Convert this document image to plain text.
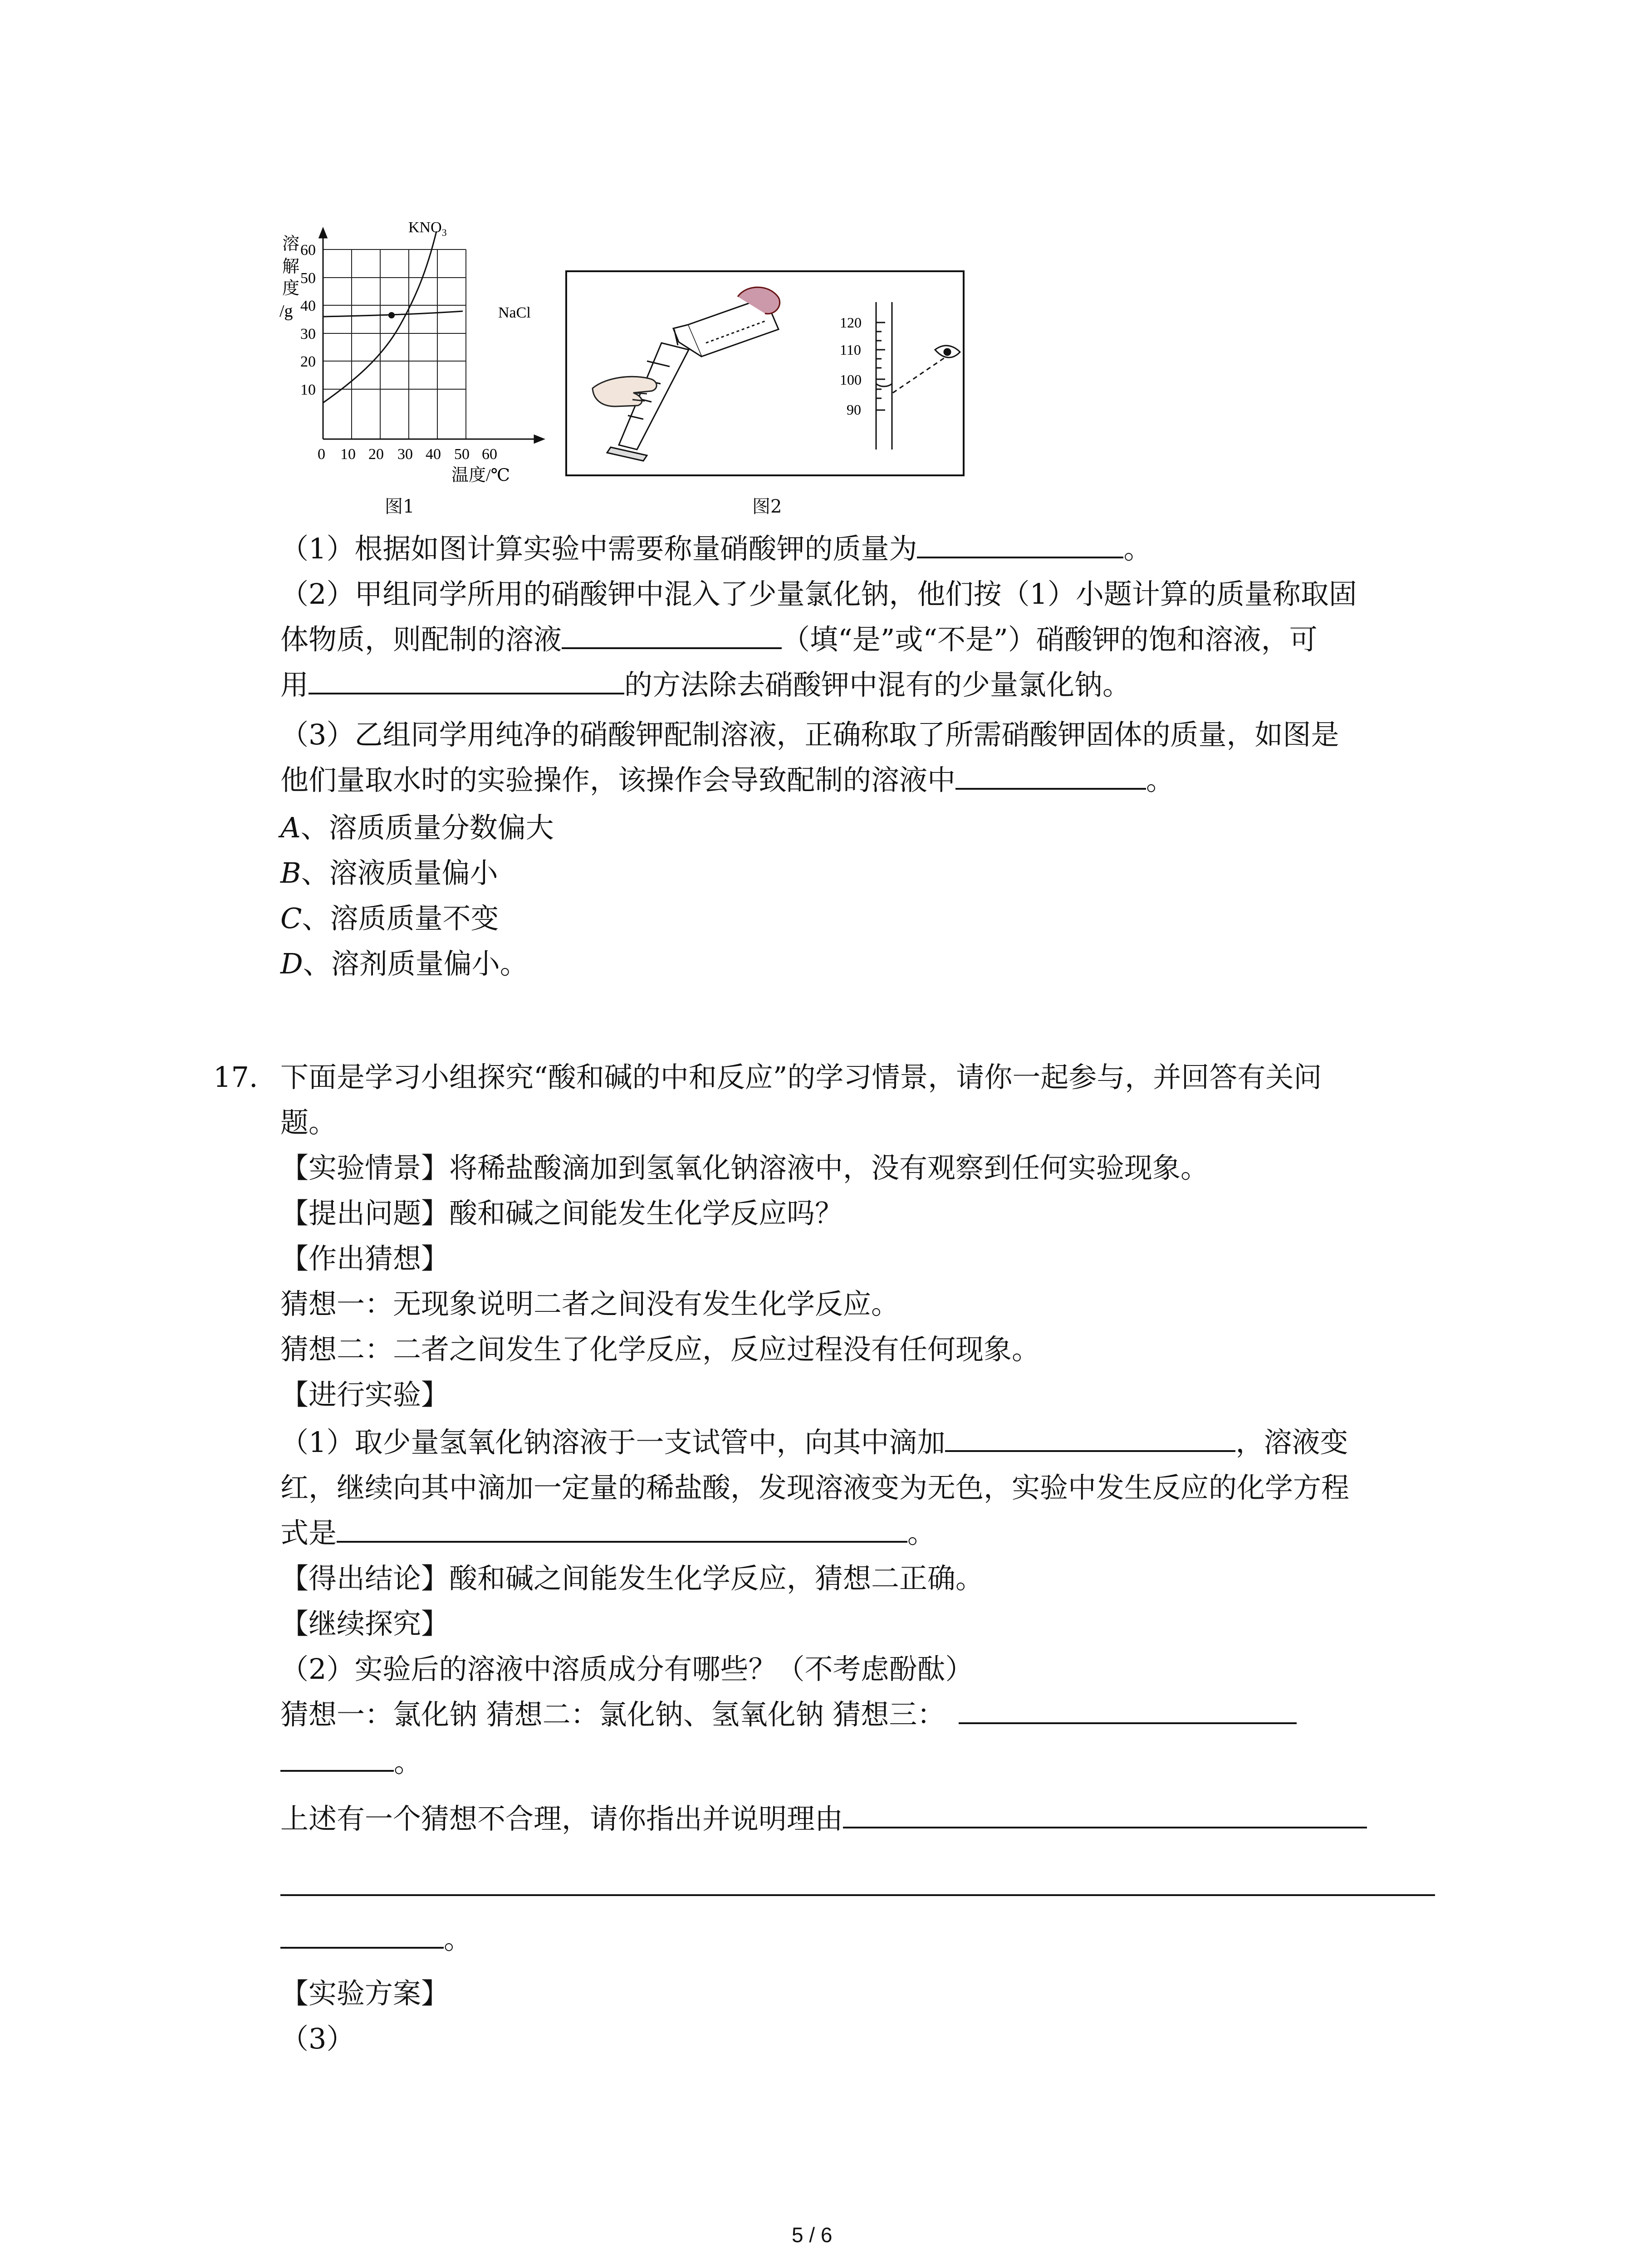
溶
解
度
/g
60
50
40
30
20
10
0 10 20 30 40 50 60
温度/℃
$KNO_3$
NaCl
图1
120
110
100
90
图2
（1）根据如图计算实验中需要称量硝酸钾的质量为	。
（2）甲组同学所用的硝酸钾中混入了少量氯化钠，他们按（1）小题计算的质量称取固
体物质，则配制的溶液	（填“是”或“不是”）硝酸钾的饱和溶液，可
用	的方法除去硝酸钾中混有的少量氯化钠。
（3）乙组同学用纯净的硝酸钾配制溶液，正确称取了所需硝酸钾固体的质量，如图是
他们量取水时的实验操作，该操作会导致配制的溶液中	。
A、溶质质量分数偏大
B、溶液质量偏小
C、溶质质量不变
D、溶剂质量偏小。
17. 下面是学习小组探究“酸和碱的中和反应”的学习情景，请你一起参与，并回答有关问
题。
【实验情景】将稀盐酸滴加到氢氧化钠溶液中，没有观察到任何实验现象。
【提出问题】酸和碱之间能发生化学反应吗？
【作出猜想】
猜想一：无现象说明二者之间没有发生化学反应。
猜想二：二者之间发生了化学反应，反应过程没有任何现象。
【进行实验】
（1）取少量氢氧化钠溶液于一支试管中，向其中滴加	，溶液变
红，继续向其中滴加一定量的稀盐酸，发现溶液变为无色，实验中发生反应的化学方程
式是	。
【得出结论】酸和碱之间能发生化学反应，猜想二正确。
【继续探究】
（2）实验后的溶液中溶质成分有哪些？（不考虑酚酞）
猜想一：氯化钠 猜想二：氯化钠、氢氧化钠 猜想三：
。
上述有一个猜想不合理，请你指出并说明理由
。
【实验方案】
（3）
5 / 6
